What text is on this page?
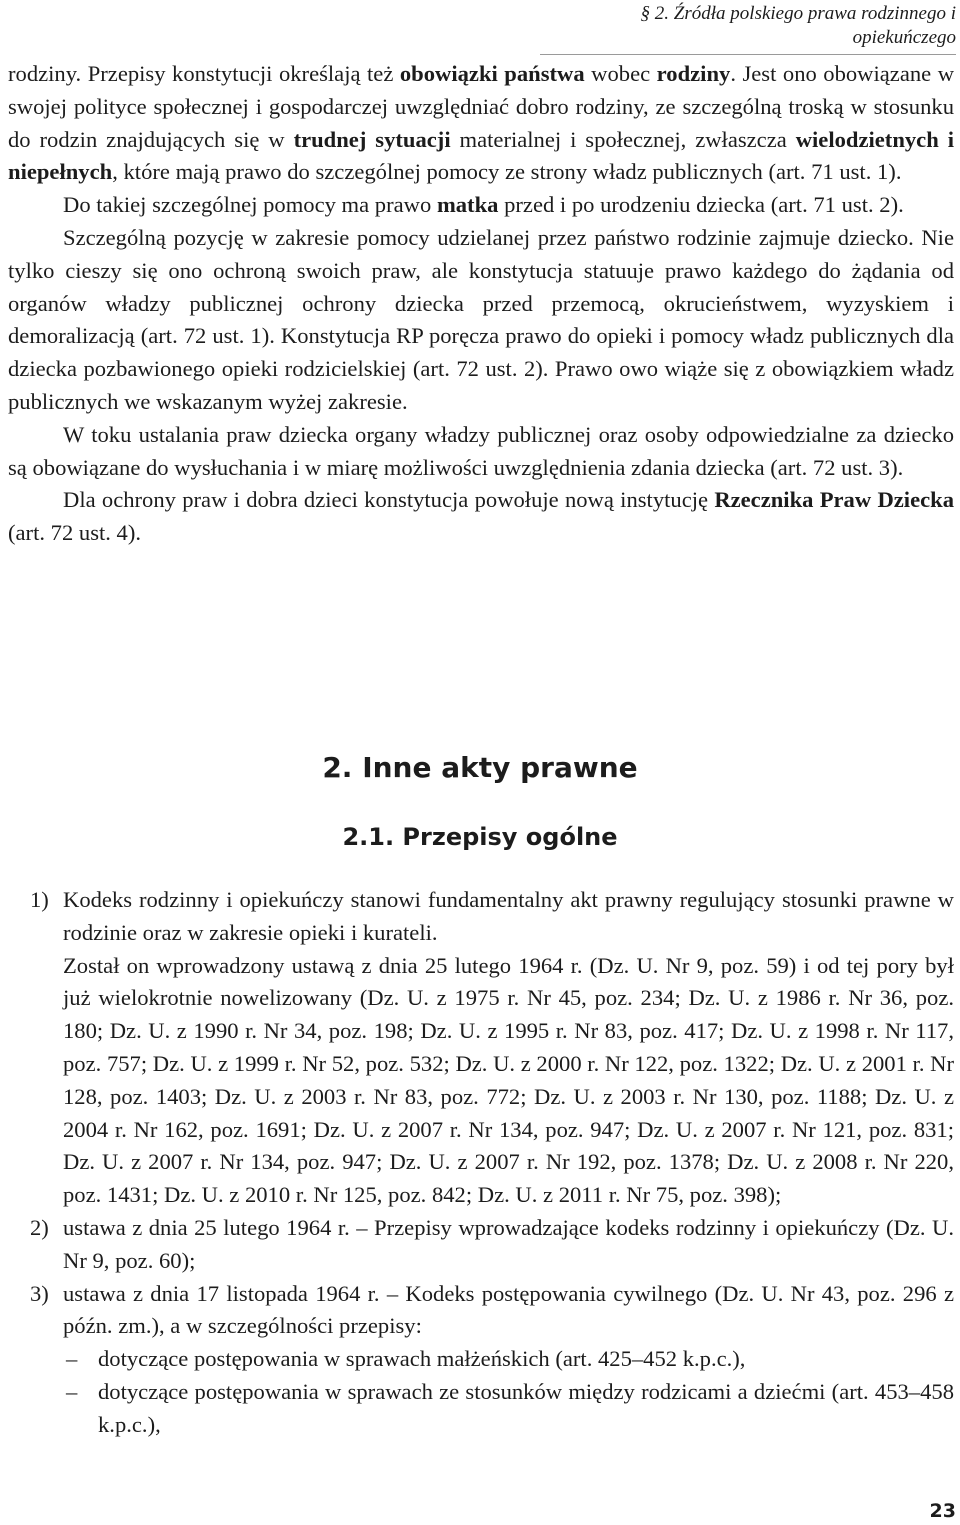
§ 2. Źródła polskiego prawa rodzinnego i opiekuńczego

rodziny. Przepisy konstytucji określają też obowiązki państwa wobec rodziny. Jest ono obowiązane w swojej polityce społecznej i gospodarczej uwzględniać dobro rodziny, ze szczególną troską w stosunku do rodzin znajdujących się w trudnej sytuacji materialnej i społecznej, zwłaszcza wielodzietnych i niepełnych, które mają prawo do szczególnej pomocy ze strony władz publicznych (art. 71 ust. 1).

Do takiej szczególnej pomocy ma prawo matka przed i po urodzeniu dziecka (art. 71 ust. 2).

Szczególną pozycję w zakresie pomocy udzielanej przez państwo rodzinie zajmuje dziecko. Nie tylko cieszy się ono ochroną swoich praw, ale konstytucja statuuje prawo każdego do żądania od organów władzy publicznej ochrony dziecka przed przemocą, okrucieństwem, wyzyskiem i demoralizacją (art. 72 ust. 1). Konstytucja RP poręcza prawo do opieki i pomocy władz publicznych dla dziecka pozbawionego opieki rodzicielskiej (art. 72 ust. 2). Prawo owo wiąże się z obowiązkiem władz publicznych we wskazanym wyżej zakresie.

W toku ustalania praw dziecka organy władzy publicznej oraz osoby odpowiedzialne za dziecko są obowiązane do wysłuchania i w miarę możliwości uwzględnienia zdania dziecka (art. 72 ust. 3).

Dla ochrony praw i dobra dzieci konstytucja powołuje nową instytucję Rzecznika Praw Dziecka (art. 72 ust. 4).

2. Inne akty prawne
2.1. Przepisy ogólne
1) Kodeks rodzinny i opiekuńczy stanowi fundamentalny akt prawny regulujący stosunki prawne w rodzinie oraz w zakresie opieki i kurateli.

Został on wprowadzony ustawą z dnia 25 lutego 1964 r. (Dz. U. Nr 9, poz. 59) i od tej pory był już wielokrotnie nowelizowany (Dz. U. z 1975 r. Nr 45, poz. 234; Dz. U. z 1986 r. Nr 36, poz. 180; Dz. U. z 1990 r. Nr 34, poz. 198; Dz. U. z 1995 r. Nr 83, poz. 417; Dz. U. z 1998 r. Nr 117, poz. 757; Dz. U. z 1999 r. Nr 52, poz. 532; Dz. U. z 2000 r. Nr 122, poz. 1322; Dz. U. z 2001 r. Nr 128, poz. 1403; Dz. U. z 2003 r. Nr 83, poz. 772; Dz. U. z 2003 r. Nr 130, poz. 1188; Dz. U. z 2004 r. Nr 162, poz. 1691; Dz. U. z 2007 r. Nr 134, poz. 947; Dz. U. z 2007 r. Nr 121, poz. 831; Dz. U. z 2007 r. Nr 134, poz. 947; Dz. U. z 2007 r. Nr 192, poz. 1378; Dz. U. z 2008 r. Nr 220, poz. 1431; Dz. U. z 2010 r. Nr 125, poz. 842; Dz. U. z 2011 r. Nr 75, poz. 398);

2) ustawa z dnia 25 lutego 1964 r. – Przepisy wprowadzające kodeks rodzinny i opiekuńczy (Dz. U. Nr 9, poz. 60);

3) ustawa z dnia 17 listopada 1964 r. – Kodeks postępowania cywilnego (Dz. U. Nr 43, poz. 296 z późn. zm.), a w szczególności przepisy:

– dotyczące postępowania w sprawach małżeńskich (art. 425–452 k.p.c.),
– dotyczące postępowania w sprawach ze stosunków między rodzicami a dziećmi (art. 453–458 k.p.c.),
23
